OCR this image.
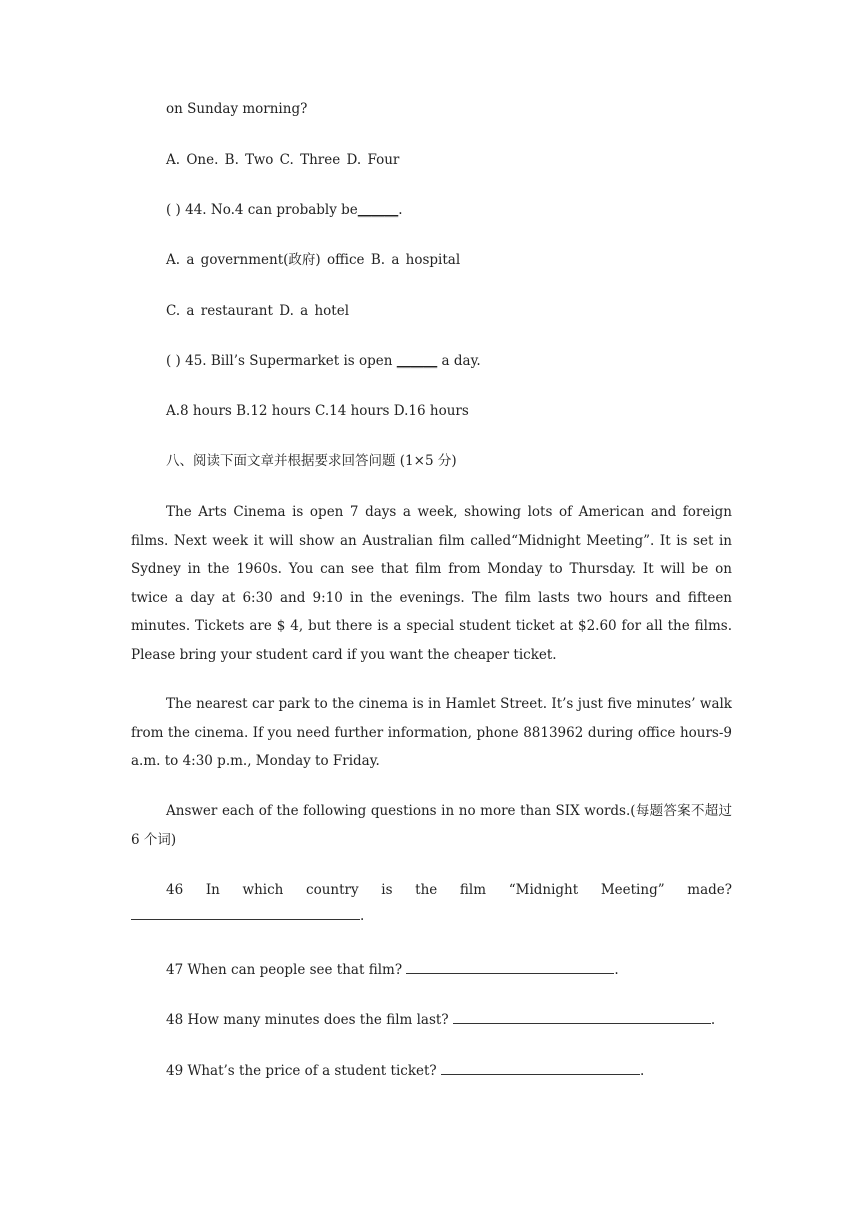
on Sunday morning?
A. One. B. Two C. Three D. Four
( ) 44. No.4 can probably be______.
A. a government(政府) office B. a hospital
C. a restaurant D. a hotel
( ) 45. Bill’s Supermarket is open ______ a day.
A.8 hours B.12 hours C.14 hours D.16 hours
八、阅读下面文章并根据要求回答问题 (1×5 分)
The Arts Cinema is open 7 days a week, showing lots of American and foreign films. Next week it will show an Australian film called“Midnight Meeting”. It is set in Sydney in the 1960s. You can see that film from Monday to Thursday. It will be on twice a day at 6:30 and 9:10 in the evenings. The film lasts two hours and fifteen minutes. Tickets are $ 4, but there is a special student ticket at $2.60 for all the films. Please bring your student card if you want the cheaper ticket.
The nearest car park to the cinema is in Hamlet Street. It’s just five minutes’ walk from the cinema. If you need further information, phone 8813962 during office hours-9 a.m. to 4:30 p.m., Monday to Friday.
Answer each of the following questions in no more than SIX words.(每题答案不超过 6 个词)
46 In which country is the film “Midnight Meeting” made?
.
47 When can people see that film?	.
48 How many minutes does the film last?	.
49 What’s the price of a student ticket?	.
